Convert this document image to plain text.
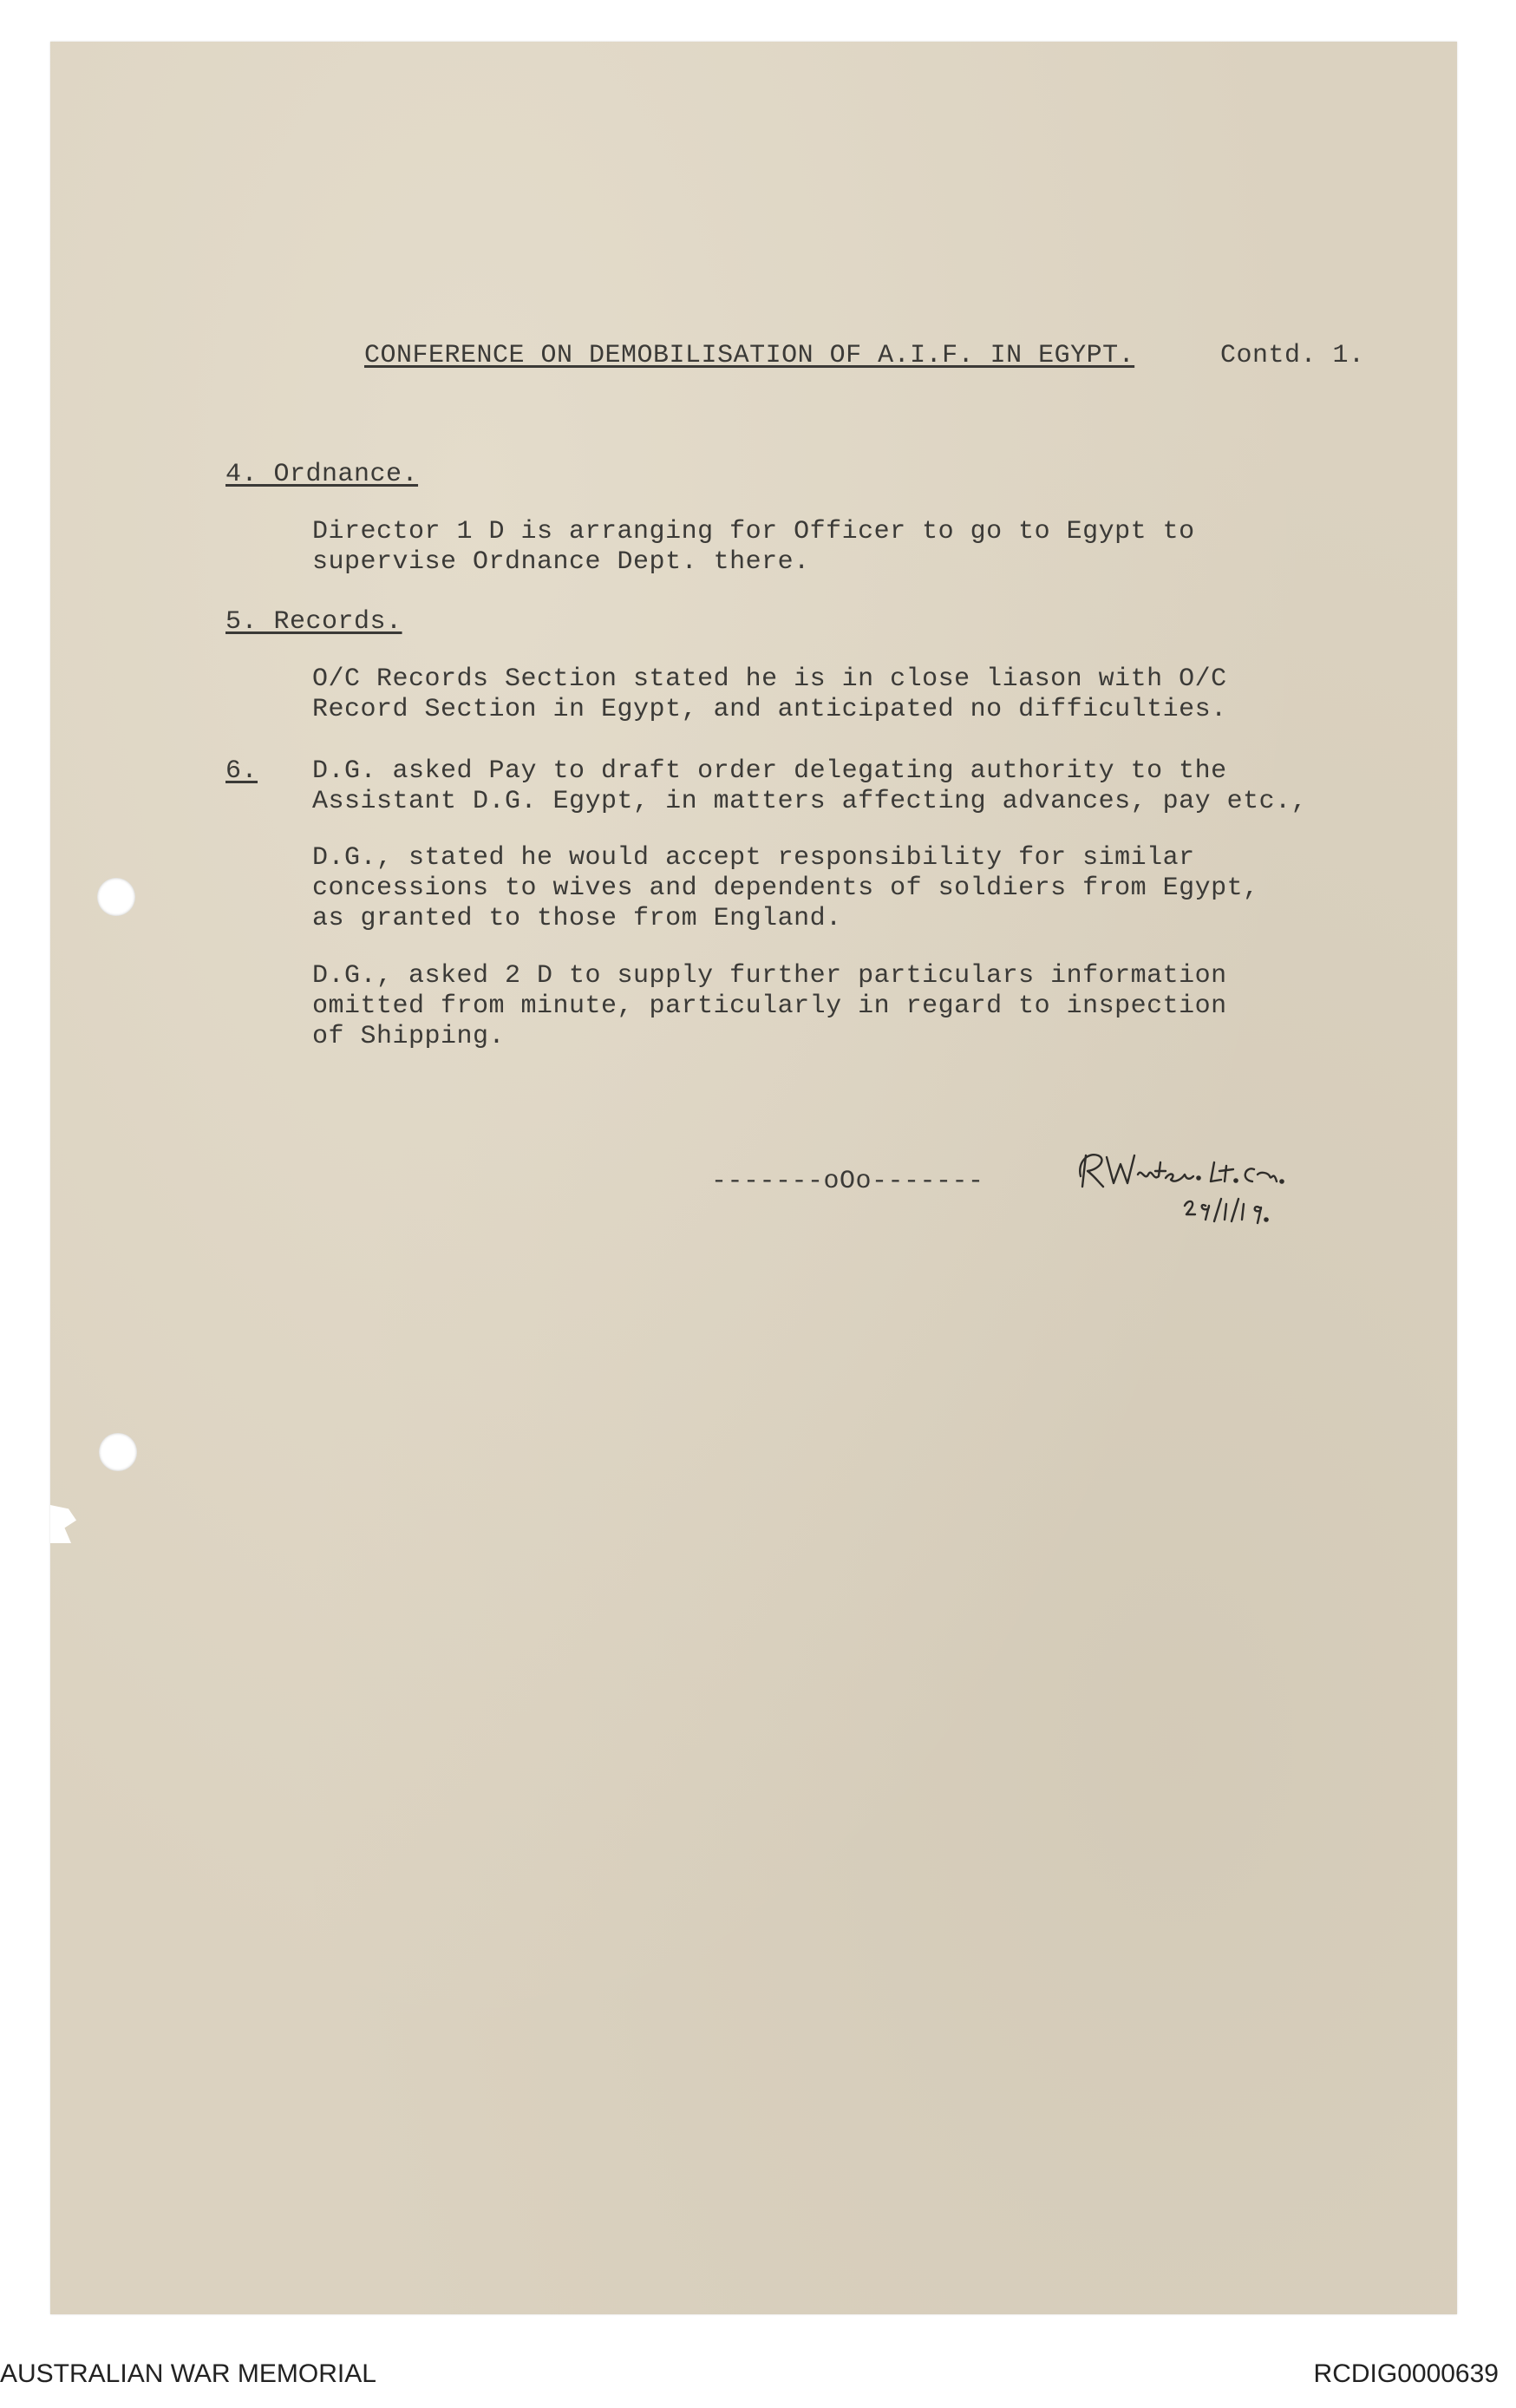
CONFERENCE ON DEMOBILISATION OF A.I.F. IN EGYPT.	Contd. 1.

4. Ordnance.

Director 1 D is arranging for Officer to go to Egypt to
supervise Ordnance Dept. there.

5. Records.

O/C Records Section stated he is in close liason with O/C
Record Section in Egypt, and anticipated no difficulties.

6. D.G. asked Pay to draft order delegating authority to the
Assistant D.G. Egypt, in matters affecting advances, pay etc.,
D.G., stated he would accept responsibility for similar
concessions to wives and dependents of soldiers from Egypt,
as granted to those from England.
D.G., asked 2 D to supply further particulars information
omitted from minute, particularly in regard to inspection
of Shipping.

-------oOo-------

AUSTRALIAN WAR MEMORIAL	RCDIG0000639
